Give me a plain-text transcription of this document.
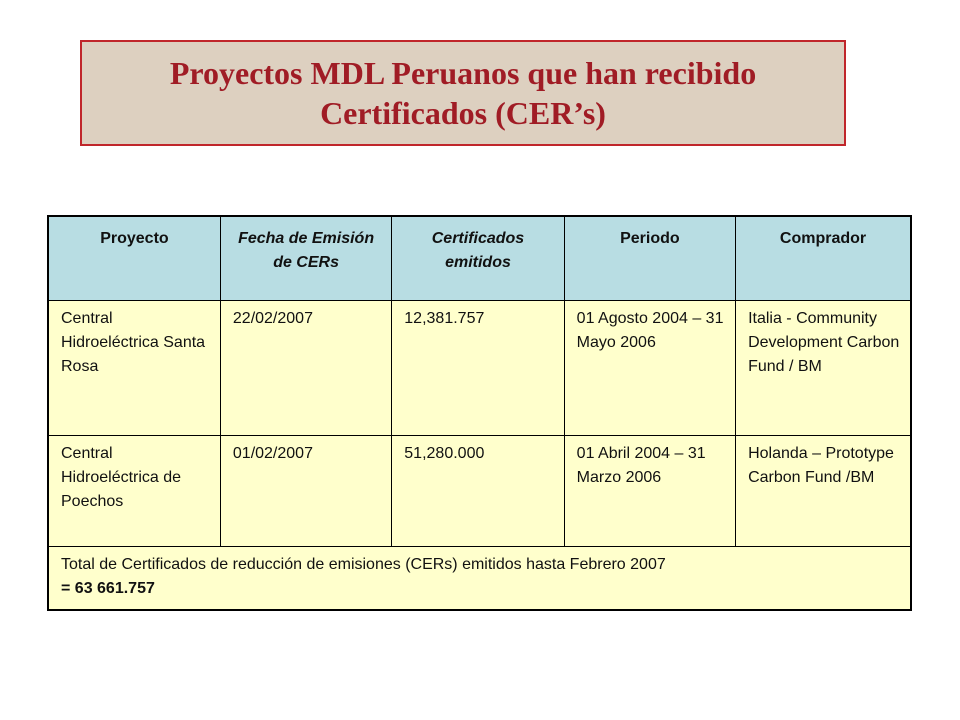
Proyectos MDL Peruanos que han recibido
Certificados (CER’s)
Proyecto	Fecha de Emisión de CERs	Certificados emitidos	Periodo	Comprador
Central Hidroeléctrica Santa Rosa	22/02/2007	12,381.757	01 Agosto 2004 – 31 Mayo 2006	Italia - Community Development Carbon Fund / BM
Central Hidroeléctrica de Poechos	01/02/2007	51,280.000	01 Abril 2004 – 31 Marzo 2006	Holanda – Prototype Carbon Fund /BM

Total de Certificados de reducción de emisiones (CERs) emitidos hasta Febrero 2007
= 63 661.757				
